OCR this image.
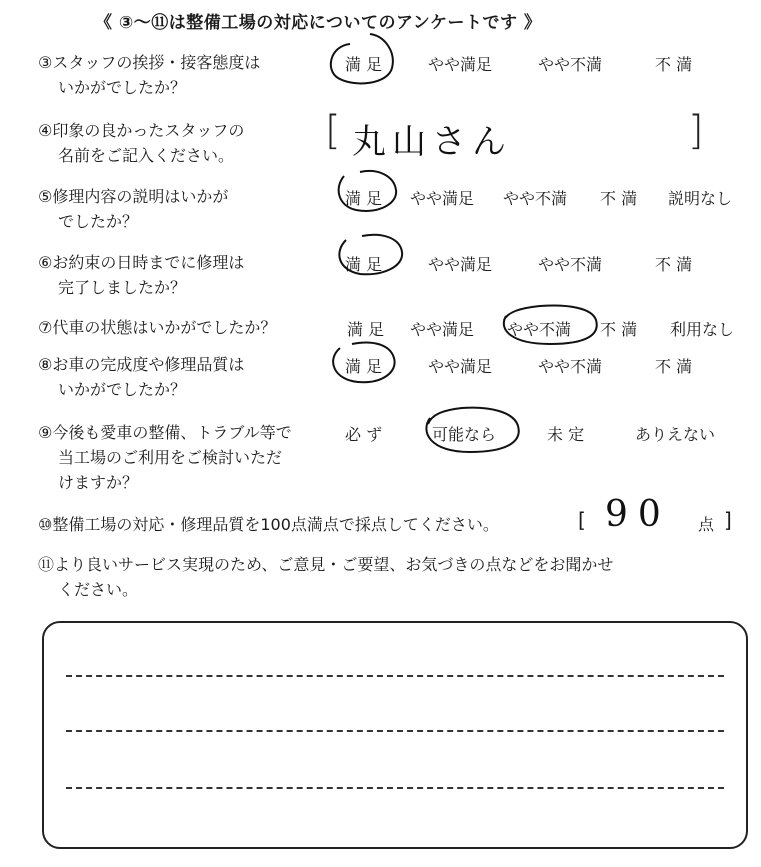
《 ③～⑪は整備工場の対応についてのアンケートです 》
③スタッフの挨拶・接客態度は
いかがでしたか？
満 足	やや満足	やや不満	不 満
④印象の良かったスタッフの
名前をご記入ください。
[ 丸山さん	]
⑤修理内容の説明はいかが
でしたか？
満 足 やや満足 やや不満 不 満 説明なし
⑥お約束の日時までに修理は
完了しましたか？
満 足	やや満足	やや不満	不 満
⑦代車の状態はいかがでしたか？	満 足 やや満足 やや不満 不 満 利用なし
⑧お車の完成度や修理品質は
いかがでしたか？
満 足	やや満足	やや不満	不 満
⑨今後も愛車の整備、トラブル等で
当工場のご利用をご検討いただ
けますか？
必 ず	可能なら	未 定	ありえない
⑩整備工場の対応・修理品質を100点満点で採点してください。	[ 90 点 ]
⑪より良いサービス実現のため、ご意見・ご要望、お気づきの点などをお聞かせ
ください。
